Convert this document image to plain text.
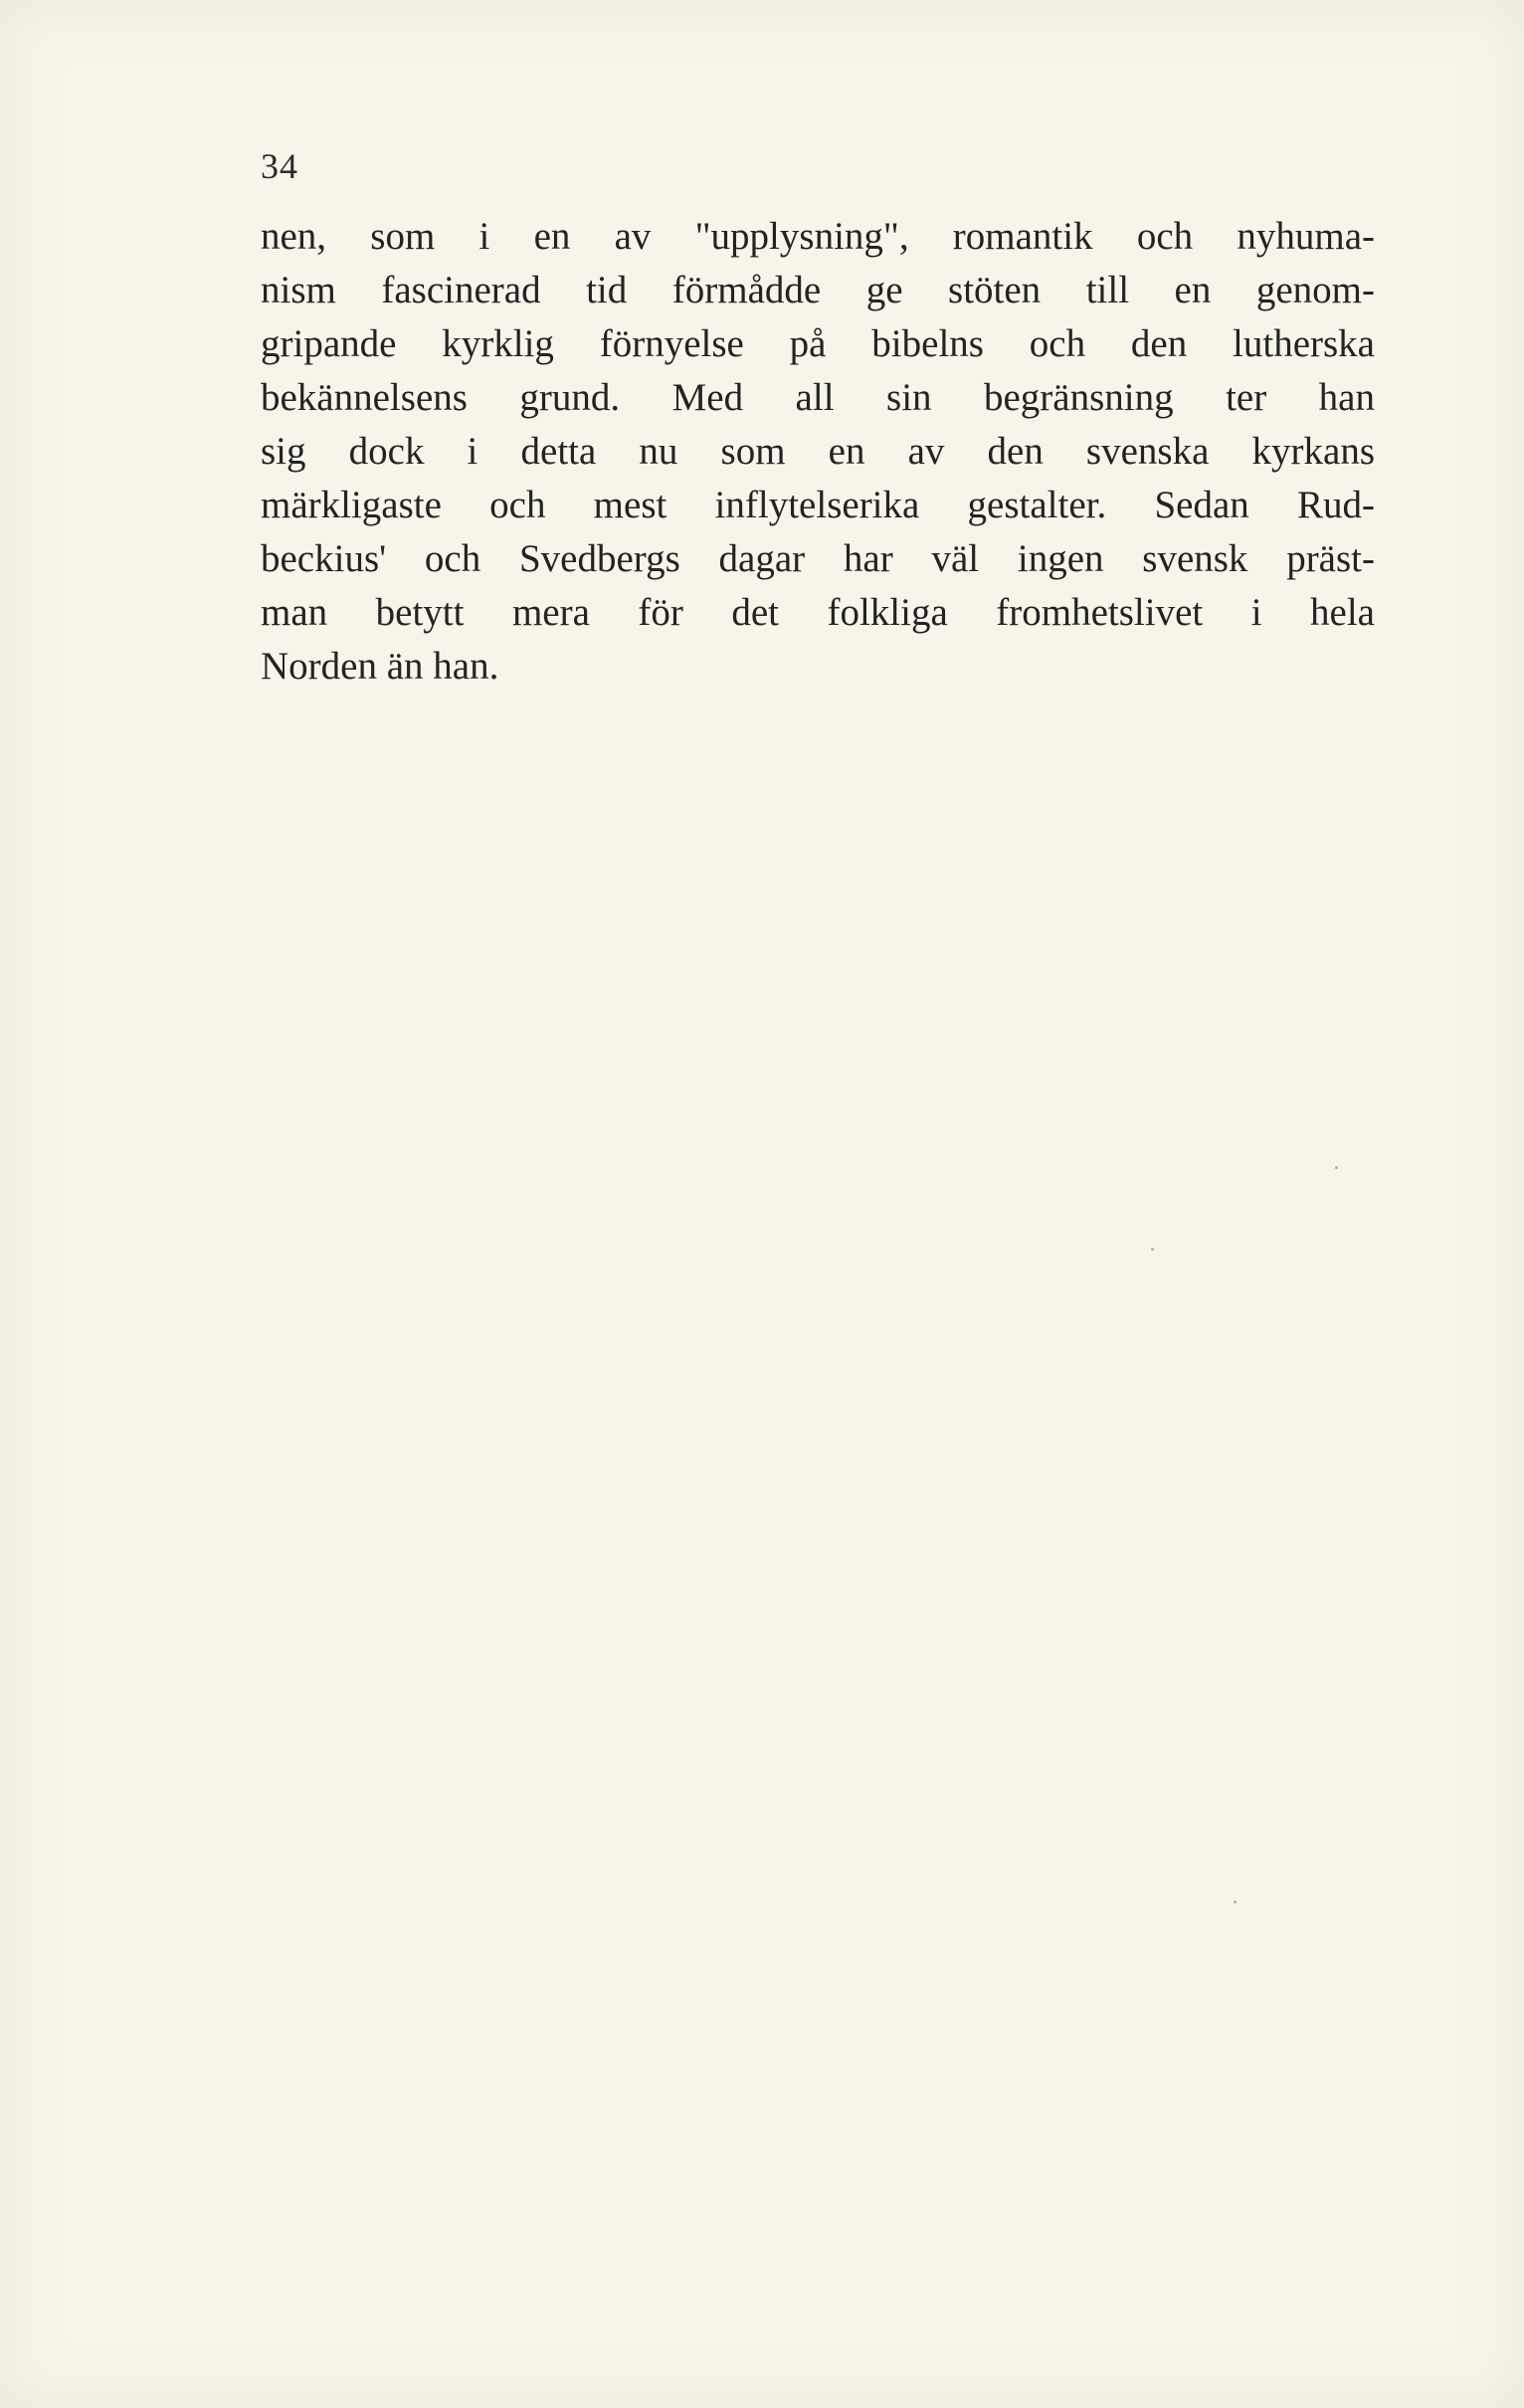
34
nen, som i en av "upplysning", romantik och nyhuma-
nism fascinerad tid förmådde ge stöten till en genom-
gripande kyrklig förnyelse på bibelns och den lutherska
bekännelsens grund. Med all sin begränsning ter han
sig dock i detta nu som en av den svenska kyrkans
märkligaste och mest inflytelserika gestalter. Sedan Rud-
beckius' och Svedbergs dagar har väl ingen svensk präst-
man betytt mera för det folkliga fromhetslivet i hela
Norden än han.
